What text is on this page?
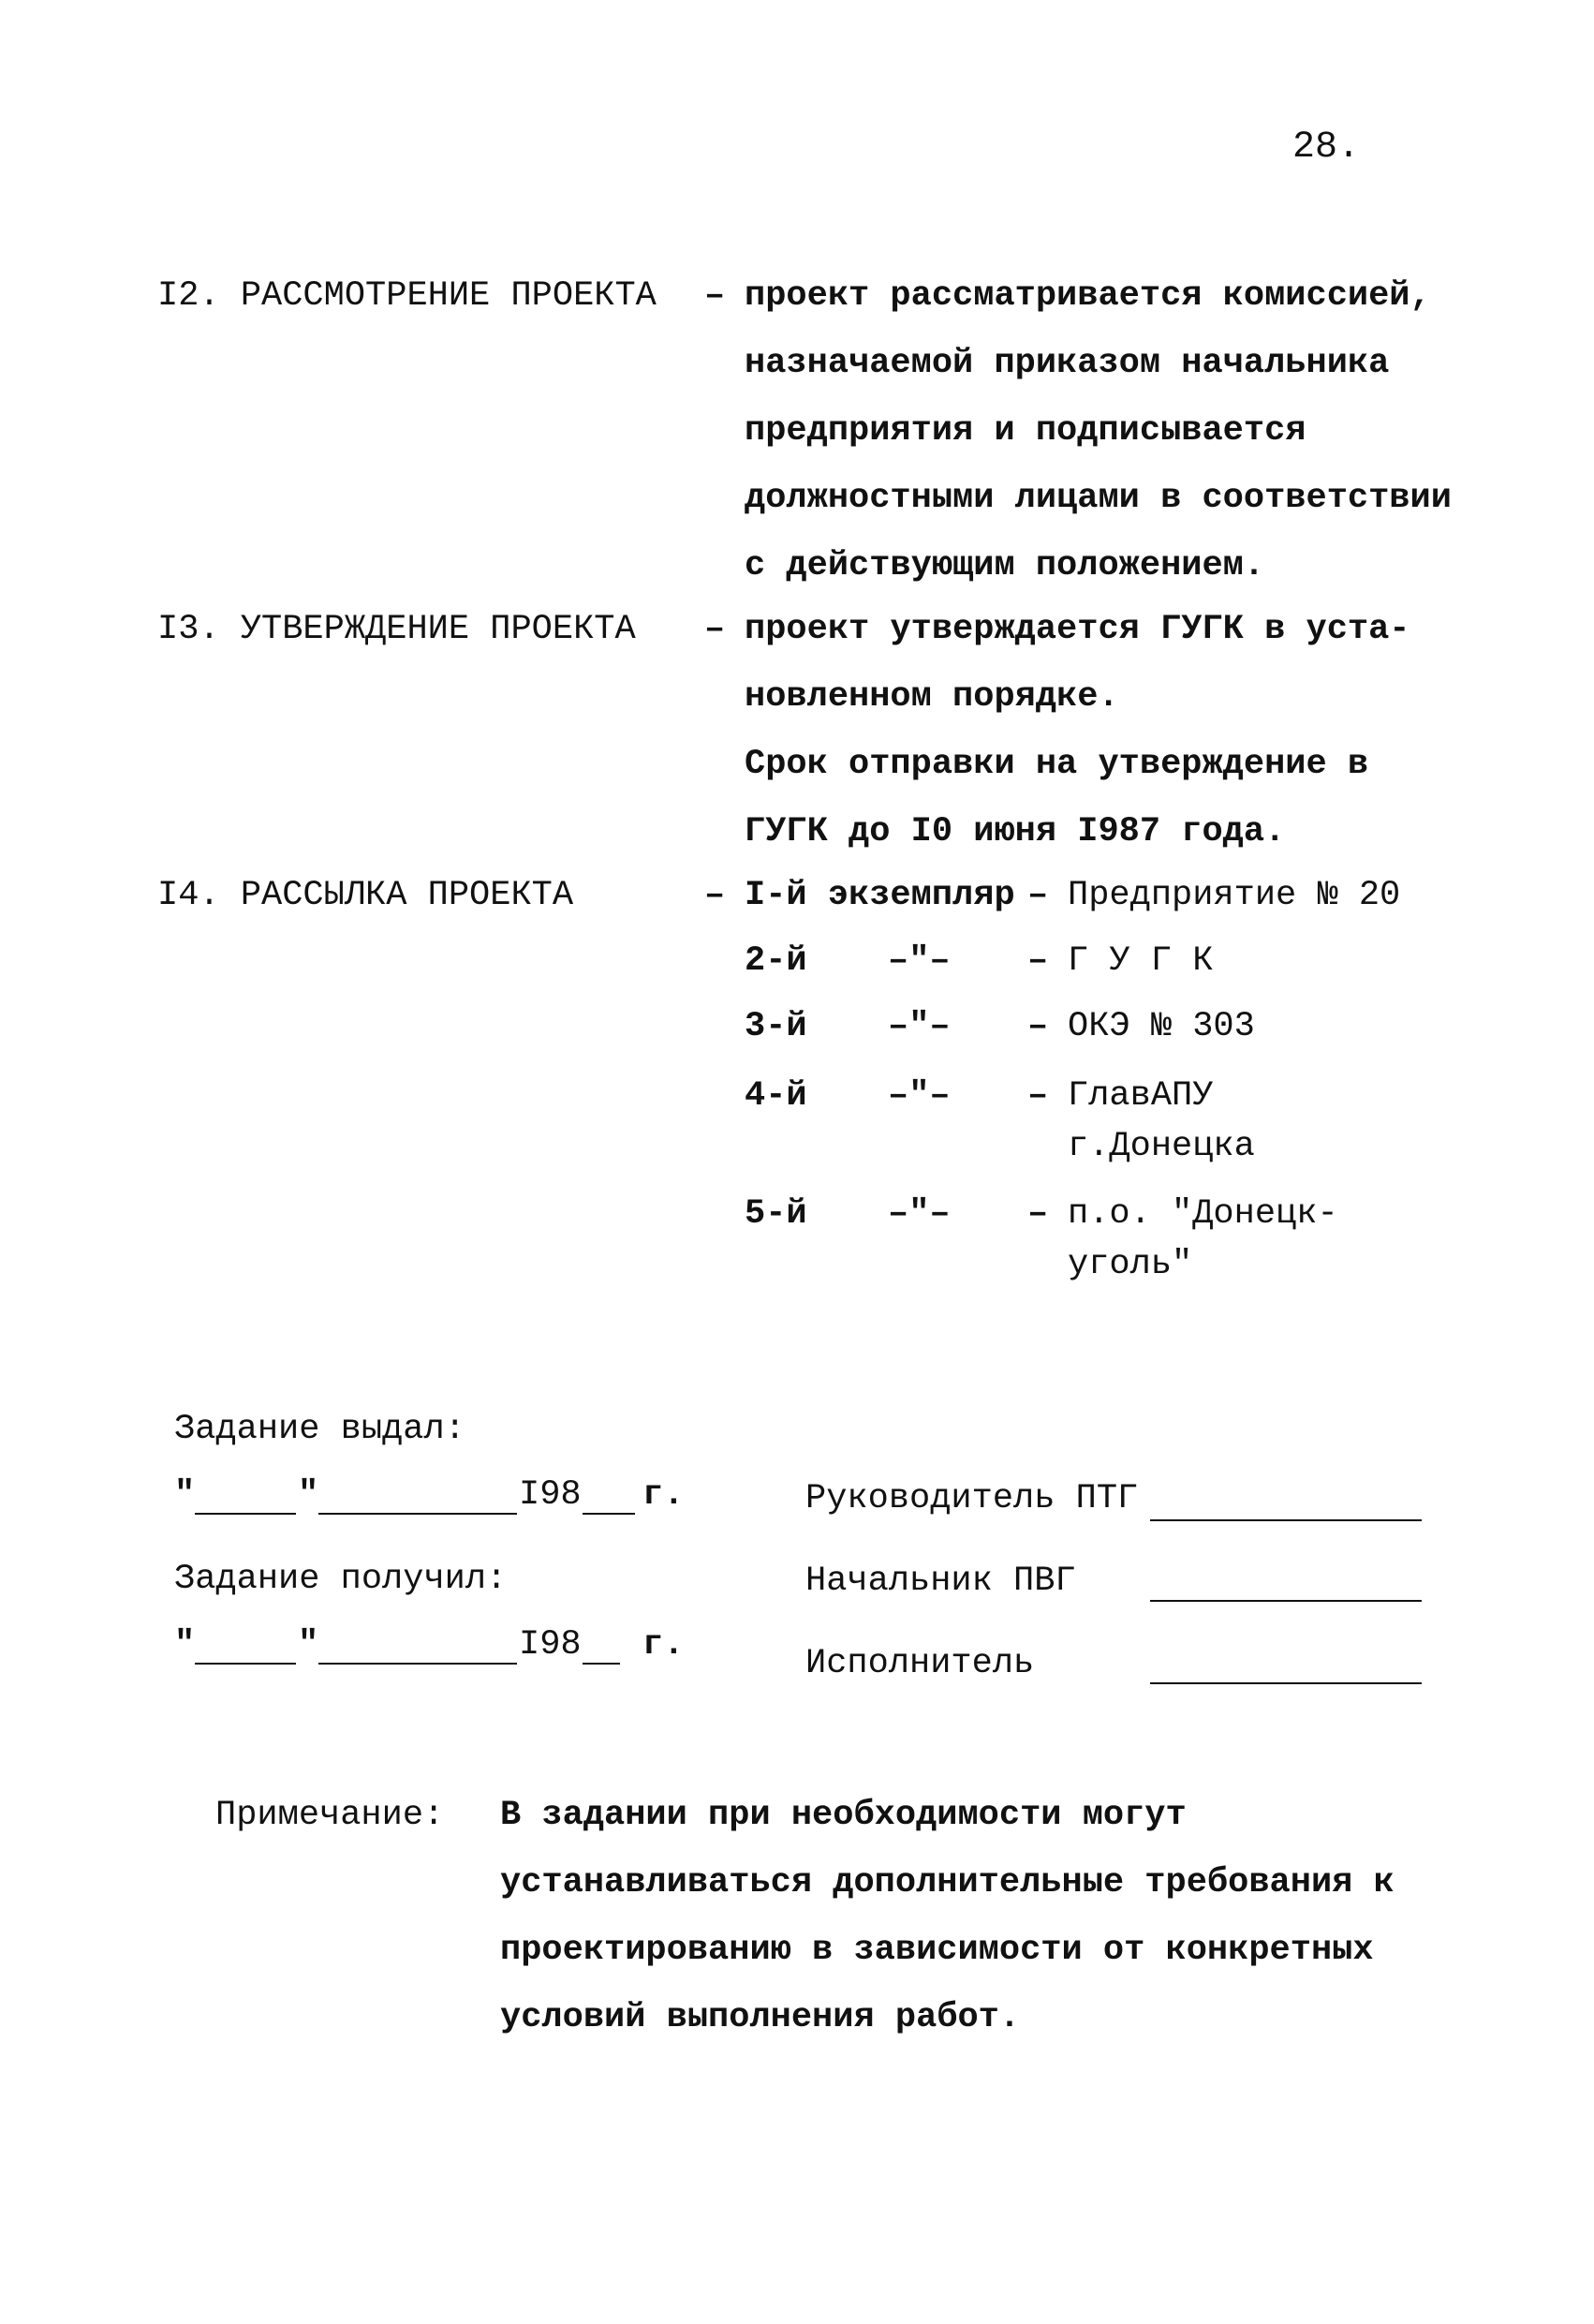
28.
I2. РАССМОТРЕНИЕ ПРОЕКТА – проект рассматривается комиссией,
назначаемой приказом начальника
предприятия и подписывается
должностными лицами в соответствии
с действующим положением.
I3. УТВЕРЖДЕНИЕ ПРОЕКТА – проект утверждается ГУГК в уста-
новленном порядке.
Срок отправки на утверждение в
ГУГК до I0 июня I987 года.
I4. РАССЫЛКА ПРОЕКТА	– I-й экземпляр – Предприятие № 20
2-й –"– – Г У Г К
3-й –"– – ОКЭ № 303
4-й –"– – ГлавАПУ
г.Донецка
5-й –"– – п.о. "Донецк-
уголь"
Задание выдал:
"	"	I98 г.
Задание получил:
"	"	I98 г.
Руководитель ПТГ
Начальник ПВГ
Исполнитель
Примечание: В задании при необходимости могут
устанавливаться дополнительные требования к
проектированию в зависимости от конкретных
условий выполнения работ.
